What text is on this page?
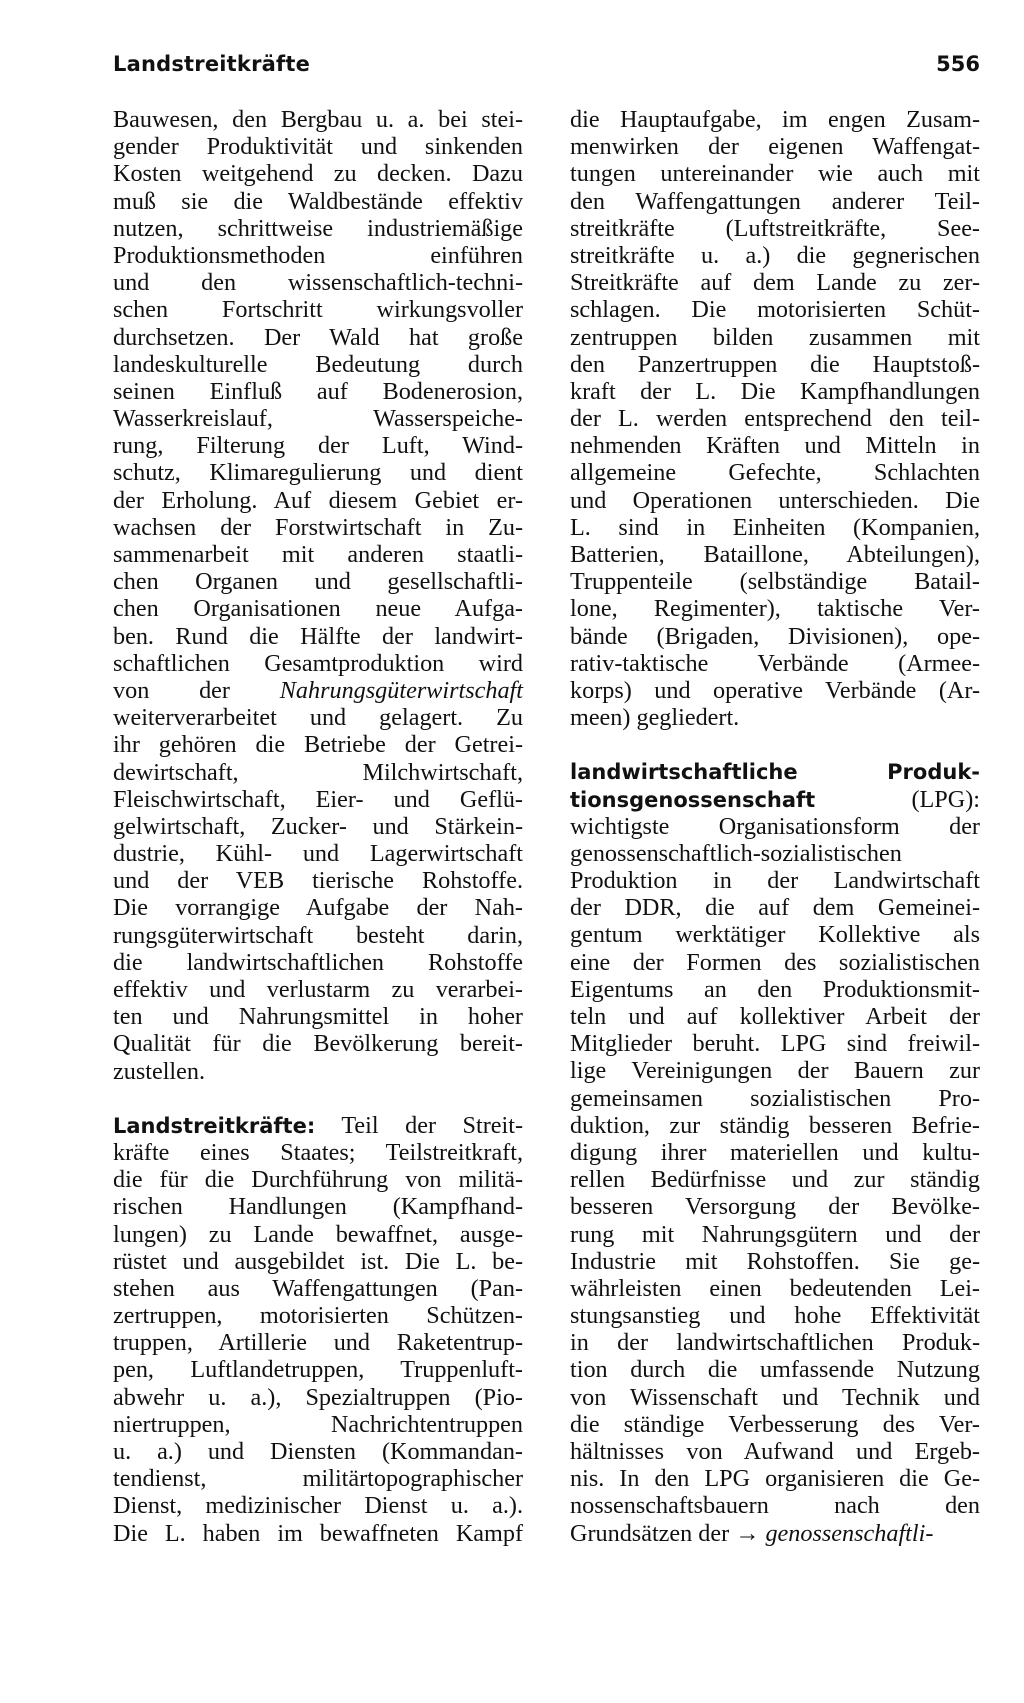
Landstreitkräfte	556
Bauwesen, den Bergbau u. a. bei stei-
gender Produktivität und sinkenden
Kosten weitgehend zu decken. Dazu
muß sie die Waldbestände effektiv
nutzen, schrittweise industriemäßige
Produktionsmethoden einführen
und den wissenschaftlich-techni-
schen Fortschritt wirkungsvoller
durchsetzen. Der Wald hat große
landeskulturelle Bedeutung durch
seinen Einfluß auf Bodenerosion,
Wasserkreislauf, Wasserspeiche-
rung, Filterung der Luft, Wind-
schutz, Klimaregulierung und dient
der Erholung. Auf diesem Gebiet er-
wachsen der Forstwirtschaft in Zu-
sammenarbeit mit anderen staatli-
chen Organen und gesellschaftli-
chen Organisationen neue Aufga-
ben. Rund die Hälfte der landwirt-
schaftlichen Gesamtproduktion wird
von der Nahrungsgüterwirtschaft
weiterverarbeitet und gelagert. Zu
ihr gehören die Betriebe der Getrei-
dewirtschaft, Milchwirtschaft,
Fleischwirtschaft, Eier- und Geflü-
gelwirtschaft, Zucker- und Stärkein-
dustrie, Kühl- und Lagerwirtschaft
und der VEB tierische Rohstoffe.
Die vorrangige Aufgabe der Nah-
rungsgüterwirtschaft besteht darin,
die landwirtschaftlichen Rohstoffe
effektiv und verlustarm zu verarbei-
ten und Nahrungsmittel in hoher
Qualität für die Bevölkerung bereit-
zustellen.
Landstreitkräfte: Teil der Streit-
kräfte eines Staates; Teilstreitkraft,
die für die Durchführung von militä-
rischen Handlungen (Kampfhand-
lungen) zu Lande bewaffnet, ausge-
rüstet und ausgebildet ist. Die L. be-
stehen aus Waffengattungen (Pan-
zertruppen, motorisierten Schützen-
truppen, Artillerie und Raketentrup-
pen, Luftlandetruppen, Truppenluft-
abwehr u. a.), Spezialtruppen (Pio-
niertruppen, Nachrichtentruppen
u. a.) und Diensten (Kommandan-
tendienst, militärtopographischer
Dienst, medizinischer Dienst u. a.).
Die L. haben im bewaffneten Kampf
die Hauptaufgabe, im engen Zusam-
menwirken der eigenen Waffengat-
tungen untereinander wie auch mit
den Waffengattungen anderer Teil-
streitkräfte (Luftstreitkräfte, See-
streitkräfte u. a.) die gegnerischen
Streitkräfte auf dem Lande zu zer-
schlagen. Die motorisierten Schüt-
zentruppen bilden zusammen mit
den Panzertruppen die Hauptstoß-
kraft der L. Die Kampfhandlungen
der L. werden entsprechend den teil-
nehmenden Kräften und Mitteln in
allgemeine Gefechte, Schlachten
und Operationen unterschieden. Die
L. sind in Einheiten (Kompanien,
Batterien, Bataillone, Abteilungen),
Truppenteile (selbständige Batail-
lone, Regimenter), taktische Ver-
bände (Brigaden, Divisionen), ope-
rativ-taktische Verbände (Armee-
korps) und operative Verbände (Ar-
meen) gegliedert.
landwirtschaftliche Produk-
tionsgenossenschaft (LPG):
wichtigste Organisationsform der
genossenschaftlich-sozialistischen
Produktion in der Landwirtschaft
der DDR, die auf dem Gemeinei-
gentum werktätiger Kollektive als
eine der Formen des sozialistischen
Eigentums an den Produktionsmit-
teln und auf kollektiver Arbeit der
Mitglieder beruht. LPG sind freiwil-
lige Vereinigungen der Bauern zur
gemeinsamen sozialistischen Pro-
duktion, zur ständig besseren Befrie-
digung ihrer materiellen und kultu-
rellen Bedürfnisse und zur ständig
besseren Versorgung der Bevölke-
rung mit Nahrungsgütern und der
Industrie mit Rohstoffen. Sie ge-
währleisten einen bedeutenden Lei-
stungsanstieg und hohe Effektivität
in der landwirtschaftlichen Produk-
tion durch die umfassende Nutzung
von Wissenschaft und Technik und
die ständige Verbesserung des Ver-
hältnisses von Aufwand und Ergeb-
nis. In den LPG organisieren die Ge-
nossenschaftsbauern nach den
Grundsätzen der → genossenschaftli-
